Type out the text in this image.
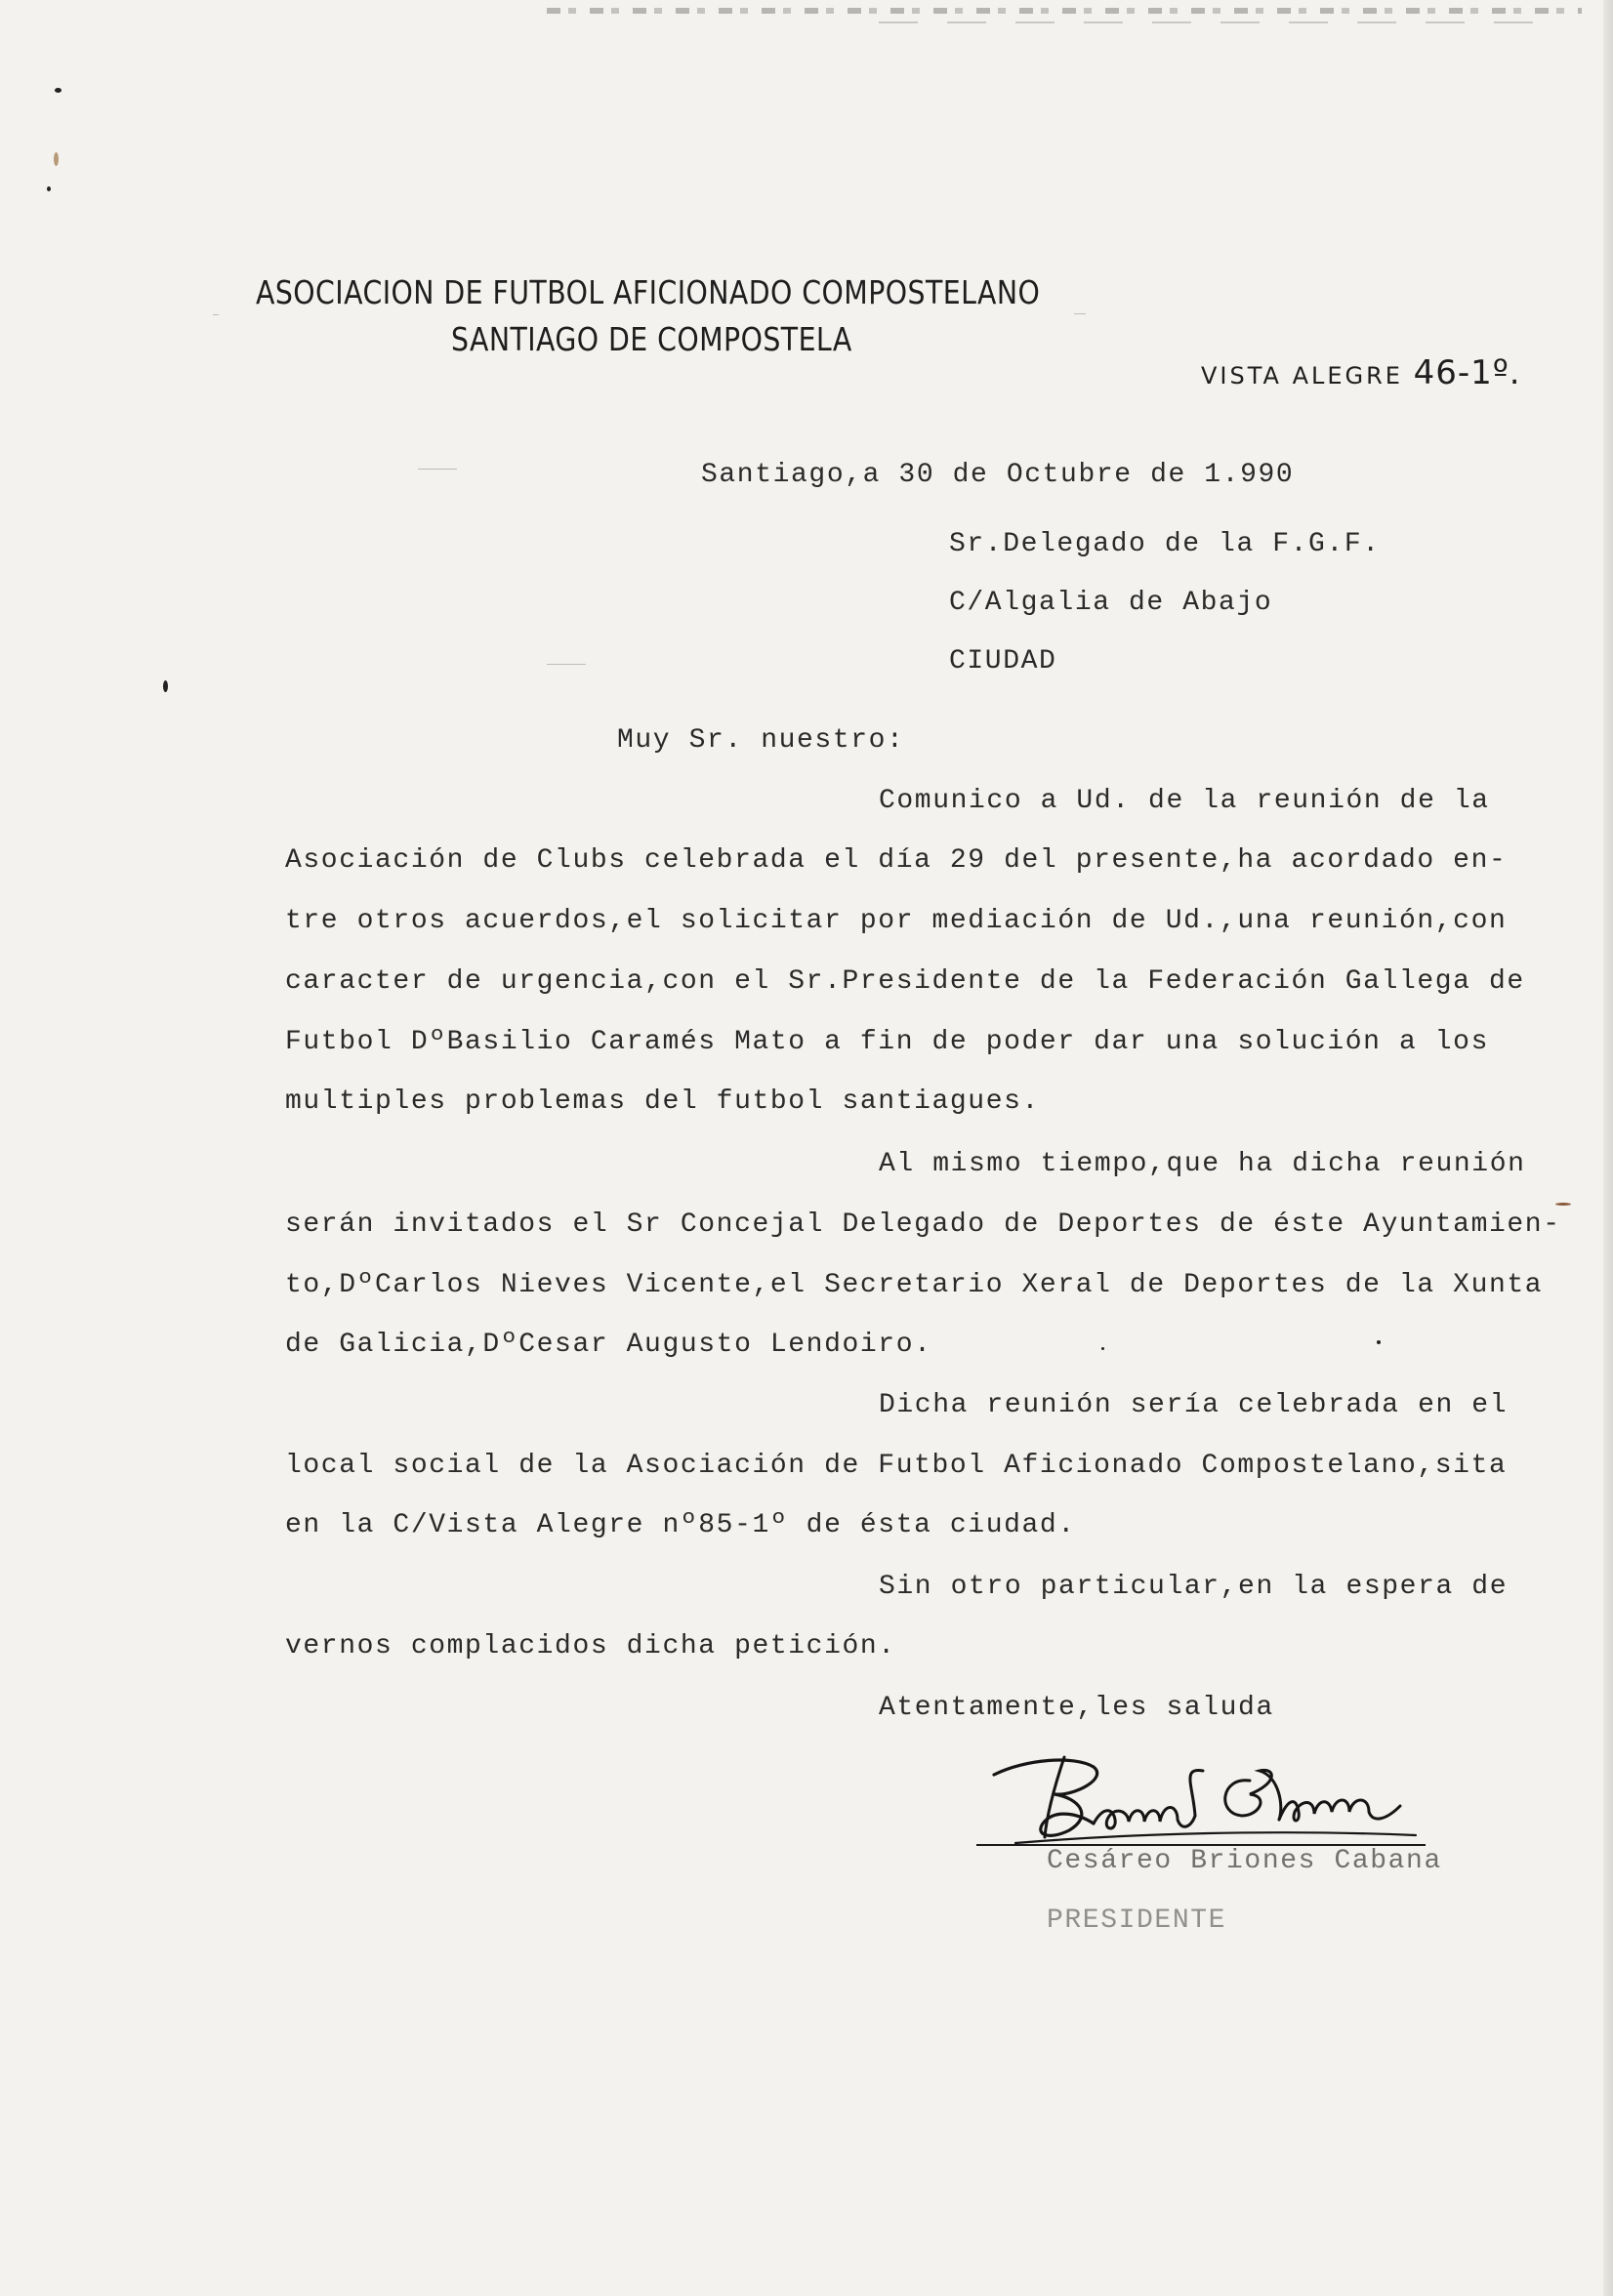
ASOCIACION DE FUTBOL AFICIONADO COMPOSTELANO
SANTIAGO DE COMPOSTELA
VISTA ALEGRE 46-1º.
Santiago,a 30 de Octubre de 1.990
Sr.Delegado de la F.G.F.
C/Algalia de Abajo
CIUDAD
Muy Sr. nuestro:
Comunico a Ud. de la reunión de la
Asociación de Clubs celebrada el día 29 del presente,ha acordado en-
tre otros acuerdos,el solicitar por mediación de Ud.,una reunión,con
caracter de urgencia,con el Sr.Presidente de la Federación Gallega de
Futbol DºBasilio Caramés Mato a fin de poder dar una solución a los
multiples problemas del futbol santiagues.
Al mismo tiempo,que ha dicha reunión
serán invitados el Sr Concejal Delegado de Deportes de éste Ayuntamien-
to,DºCarlos Nieves Vicente,el Secretario Xeral de Deportes de la Xunta
de Galicia,DºCesar Augusto Lendoiro.
Dicha reunión sería celebrada en el
local social de la Asociación de Futbol Aficionado Compostelano,sita
en la C/Vista Alegre nº85-1º de ésta ciudad.
Sin otro particular,en la espera de
vernos complacidos dicha petición.
Atentamente,les saluda
Cesáreo Briones Cabana
PRESIDENTE
